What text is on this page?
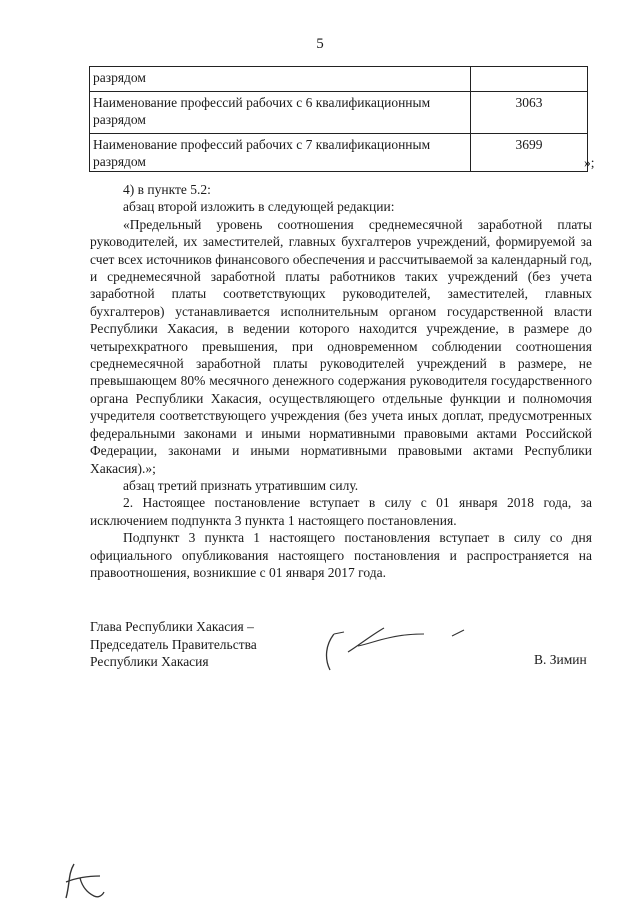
5
разрядом	
Наименование профессий рабочих с 6 квалификационным разрядом	3063
Наименование профессий рабочих с 7 квалификационным разрядом	3699
»;

4) в пункте 5.2:

абзац второй изложить в следующей редакции:

«Предельный уровень соотношения среднемесячной заработной платы руководителей, их заместителей, главных бухгалтеров учреждений, формируемой за счет всех источников финансового обеспечения и рассчитываемой за календарный год, и среднемесячной заработной платы работников таких учреждений (без учета заработной платы соответствующих руководителей, заместителей, главных бухгалтеров) устанавливается исполнительным органом государственной власти Республики Хакасия, в ведении которого находится учреждение, в размере до четырехкратного превышения, при одновременном соблюдении соотношения среднемесячной заработной платы руководителей учреждений в размере, не превышающем 80% месячного денежного содержания руководителя государственного органа Республики Хакасия, осуществляющего отдельные функции и полномочия учредителя соответствующего учреждения (без учета иных доплат, предусмотренных федеральными законами и иными нормативными правовыми актами Российской Федерации, законами и иными нормативными правовыми актами Республики Хакасия).»;

абзац третий признать утратившим силу.

2. Настоящее постановление вступает в силу с 01 января 2018 года, за исключением подпункта 3 пункта 1 настоящего постановления.

Подпункт 3 пункта 1 настоящего постановления вступает в силу со дня официального опубликования настоящего постановления и распространяется на правоотношения, возникшие с 01 января 2017 года.

Глава Республики Хакасия –
Председатель Правительства
Республики Хакасия	В. Зимин
